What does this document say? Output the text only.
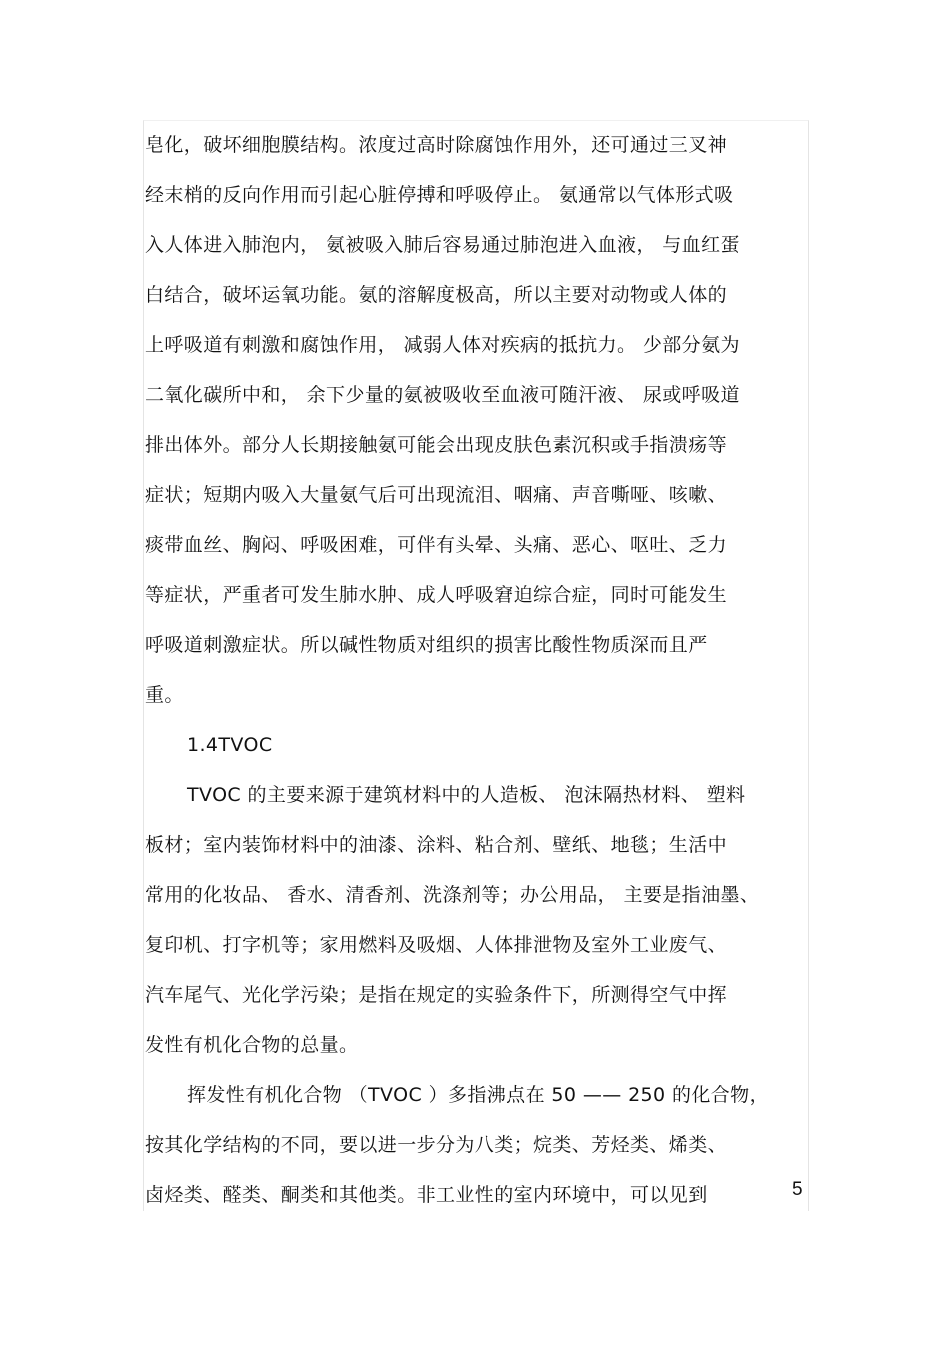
皂化，破坏细胞膜结构。浓度过高时除腐蚀作用外，还可通过三叉神
经末梢的反向作用而引起心脏停搏和呼吸停止。 氨通常以气体形式吸
入人体进入肺泡内， 氨被吸入肺后容易通过肺泡进入血液， 与血红蛋
白结合，破坏运氧功能。氨的溶解度极高，所以主要对动物或人体的
上呼吸道有刺激和腐蚀作用， 减弱人体对疾病的抵抗力。 少部分氨为
二氧化碳所中和， 余下少量的氨被吸收至血液可随汗液、 尿或呼吸道
排出体外。部分人长期接触氨可能会出现皮肤色素沉积或手指溃疡等
症状；短期内吸入大量氨气后可出现流泪、咽痛、声音嘶哑、咳嗽、
痰带血丝、胸闷、呼吸困难，可伴有头晕、头痛、恶心、呕吐、乏力
等症状，严重者可发生肺水肿、成人呼吸窘迫综合症，同时可能发生
呼吸道刺激症状。所以碱性物质对组织的损害比酸性物质深而且严
重。
1.4TVOC
TVOC 的主要来源于建筑材料中的人造板、 泡沫隔热材料、 塑料
板材；室内装饰材料中的油漆、涂料、粘合剂、壁纸、地毯；生活中
常用的化妆品、 香水、清香剂、洗涤剂等；办公用品， 主要是指油墨、
复印机、打字机等；家用燃料及吸烟、人体排泄物及室外工业废气、
汽车尾气、光化学污染；是指在规定的实验条件下，所测得空气中挥
发性有机化合物的总量。
挥发性有机化合物 （TVOC ）多指沸点在 50 —— 250 的化合物，
按其化学结构的不同，要以进一步分为八类；烷类、芳烃类、烯类、
卤烃类、醛类、酮类和其他类。非工业性的室内环境中，可以见到	5
